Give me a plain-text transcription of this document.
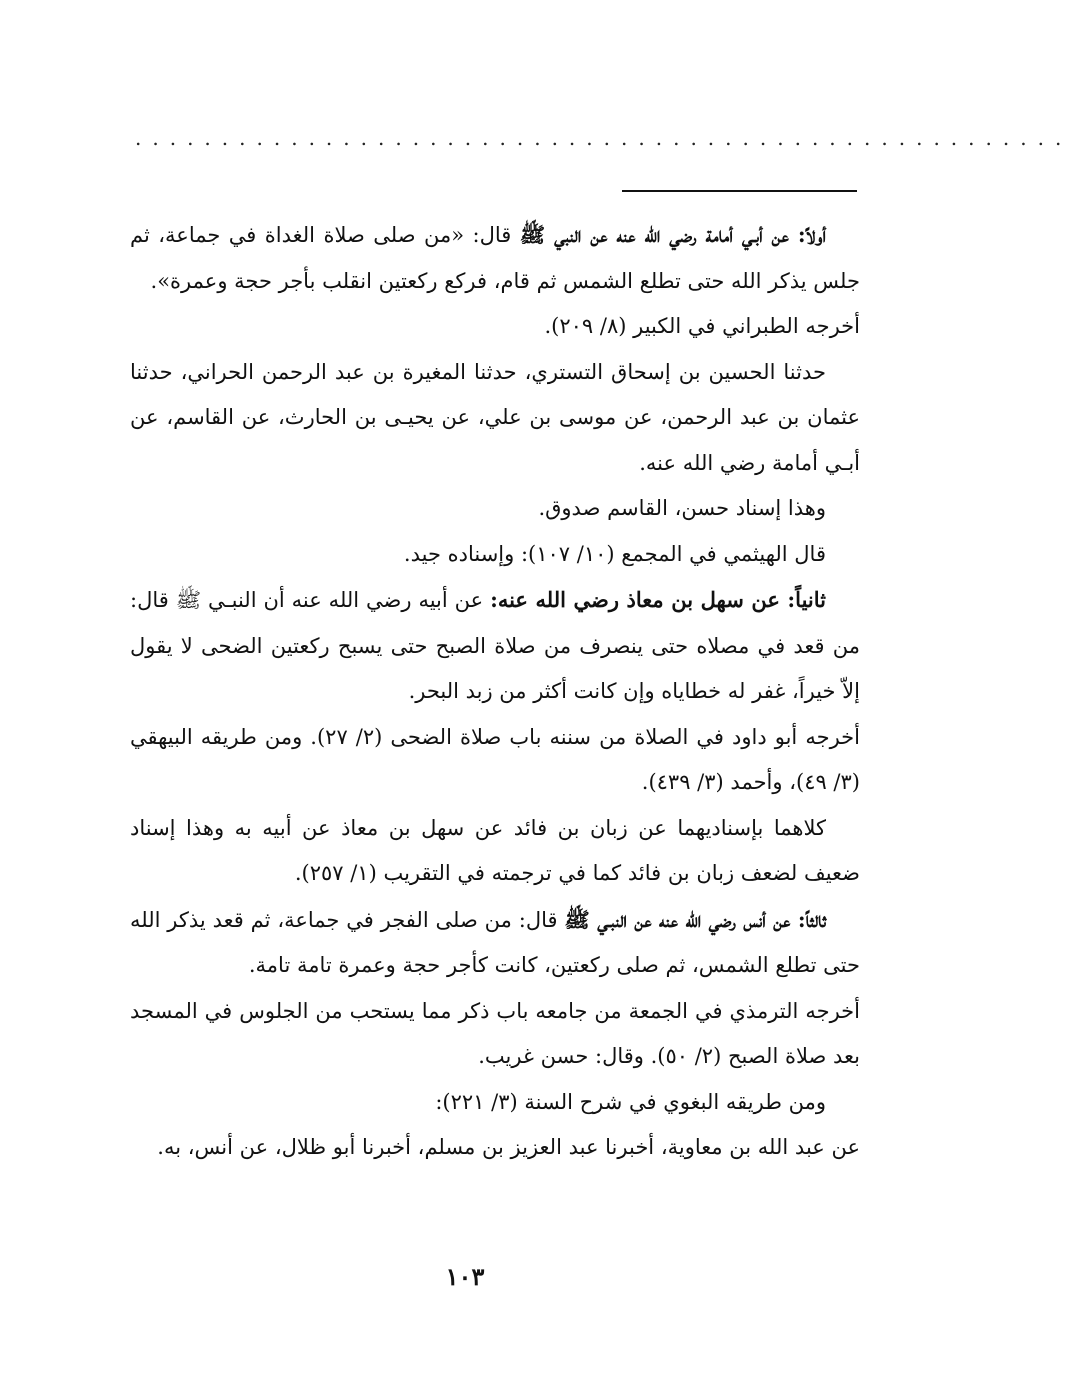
......................................................

أولاً: عن أبـي أمامة رضي الله عنه عن النبي ﷺ قال: «من صلى صلاة الغداة في جماعة، ثم جلس يذكر الله حتى تطلع الشمس ثم قام، فركع ركعتين انقلب بأجر حجة وعمرة».

أخرجه الطبراني في الكبير (٨/ ٢٠٩).

حدثنا الحسين بن إسحاق التستري، حدثنا المغيرة بن عبد الرحمن الحراني، حدثنا عثمان بن عبد الرحمن، عن موسى بن علي، عن يحيـى بن الحارث، عن القاسم، عن أبـي أمامة رضي الله عنه.

وهذا إسناد حسن، القاسم صدوق.

قال الهيثمي في المجمع (١٠/ ١٠٧): وإسناده جيد.

ثانياً: عن سهل بن معاذ رضي الله عنه: عن أبيه رضي الله عنه أن النبـي ﷺ قال: من قعد في مصلاه حتى ينصرف من صلاة الصبح حتى يسبح ركعتين الضحى لا يقول إلاّ خيراً، غفر له خطاياه وإن كانت أكثر من زبد البحر.

أخرجه أبو داود في الصلاة من سننه باب صلاة الضحى (٢/ ٢٧). ومن طريقه البيهقي (٣/ ٤٩)، وأحمد (٣/ ٤٣٩).

كلاهما بإسناديهما عن زبان بن فائد عن سهل بن معاذ عن أبيه به وهذا إسناد ضعيف لضعف زبان بن فائد كما في ترجمته في التقريب (١/ ٢٥٧).

ثالثاً: عن أنس رضي الله عنه عن النبـي ﷺ قال: من صلى الفجر في جماعة، ثم قعد يذكر الله حتى تطلع الشمس، ثم صلى ركعتين، كانت كأجر حجة وعمرة تامة تامة.

أخرجه الترمذي في الجمعة من جامعه باب ذكر مما يستحب من الجلوس في المسجد بعد صلاة الصبح (٢/ ٥٠). وقال: حسن غريب.

ومن طريقه البغوي في شرح السنة (٣/ ٢٢١):

عن عبد الله بن معاوية، أخبرنا عبد العزيز بن مسلم، أخبرنا أبو ظلال، عن أنس، به.

١٠٣
